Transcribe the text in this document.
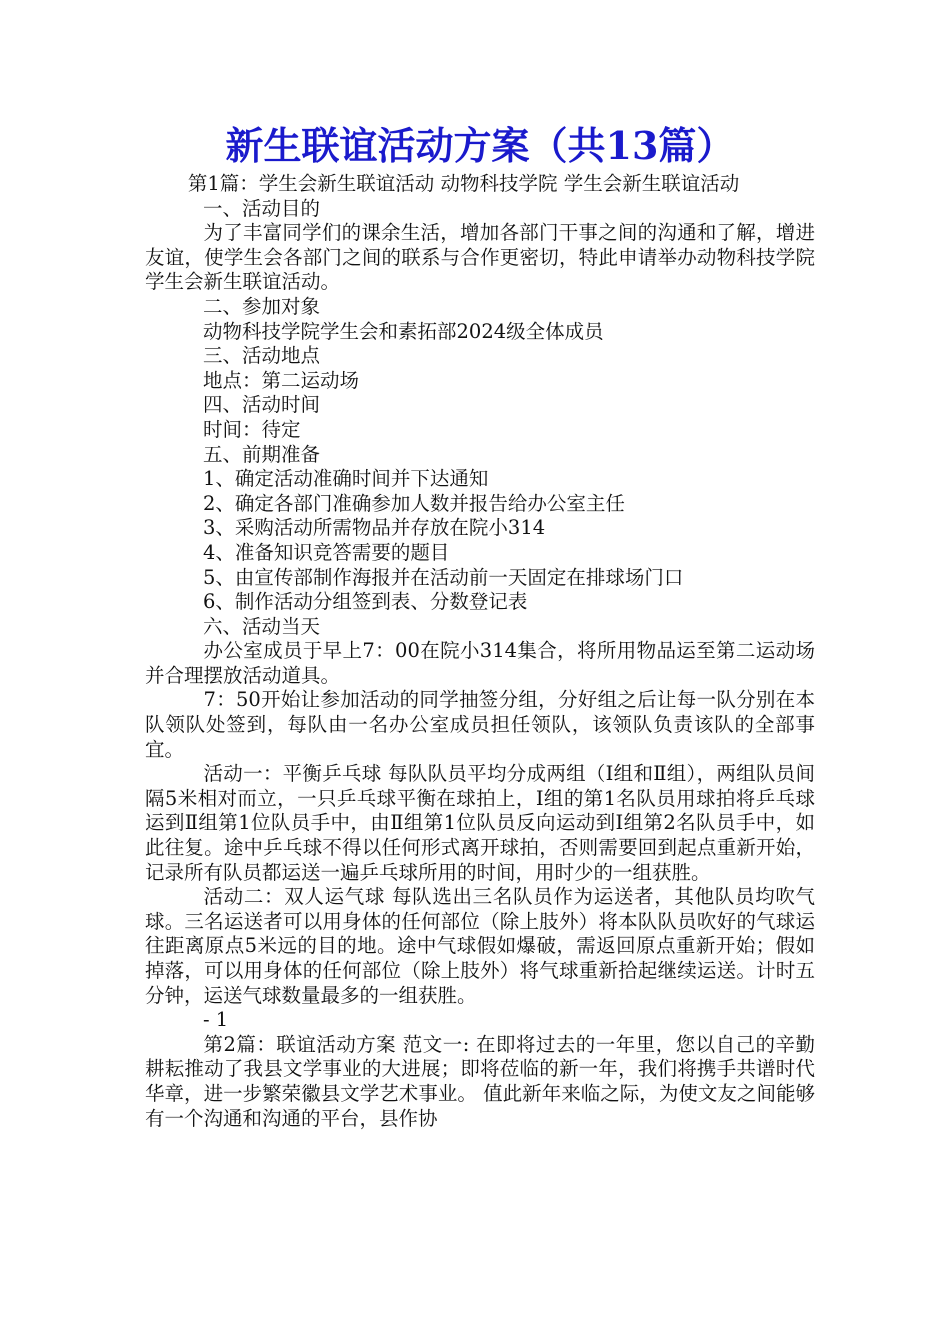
新生联谊活动方案（共13篇）

第1篇：学生会新生联谊活动 动物科技学院 学生会新生联谊活动

一、活动目的

为了丰富同学们的课余生活，增加各部门干事之间的沟通和了解，增进友谊，使学生会各部门之间的联系与合作更密切，特此申请举办动物科技学院学生会新生联谊活动。

二、参加对象

动物科技学院学生会和素拓部2024级全体成员

三、活动地点

地点：第二运动场

四、活动时间

时间：待定

五、前期准备

1、确定活动准确时间并下达通知

2、确定各部门准确参加人数并报告给办公室主任

3、采购活动所需物品并存放在院小314

4、准备知识竞答需要的题目

5、由宣传部制作海报并在活动前一天固定在排球场门口

6、制作活动分组签到表、分数登记表

六、活动当天

办公室成员于早上7：00在院小314集合，将所用物品运至第二运动场并合理摆放活动道具。

7：50开始让参加活动的同学抽签分组，分好组之后让每一队分别在本队领队处签到，每队由一名办公室成员担任领队，该领队负责该队的全部事宜。

活动一：平衡乒乓球 每队队员平均分成两组（Ⅰ组和Ⅱ组），两组队员间隔5米相对而立，一只乒乓球平衡在球拍上，Ⅰ组的第1名队员用球拍将乒乓球运到Ⅱ组第1位队员手中，由Ⅱ组第1位队员反向运动到Ⅰ组第2名队员手中，如此往复。途中乒乓球不得以任何形式离开球拍，否则需要回到起点重新开始，记录所有队员都运送一遍乒乓球所用的时间，用时少的一组获胜。

活动二：双人运气球 每队选出三名队员作为运送者，其他队员均吹气球。三名运送者可以用身体的任何部位（除上肢外）将本队队员吹好的气球运往距离原点5米远的目的地。途中气球假如爆破，需返回原点重新开始；假如掉落，可以用身体的任何部位（除上肢外）将气球重新拾起继续运送。计时五分钟，运送气球数量最多的一组获胜。

- 1

第2篇：联谊活动方案 范文一: 在即将过去的一年里，您以自己的辛勤耕耘推动了我县文学事业的大进展；即将莅临的新一年，我们将携手共谱时代华章，进一步繁荣徽县文学艺术事业。 值此新年来临之际，为使文友之间能够有一个沟通和沟通的平台，县作协
